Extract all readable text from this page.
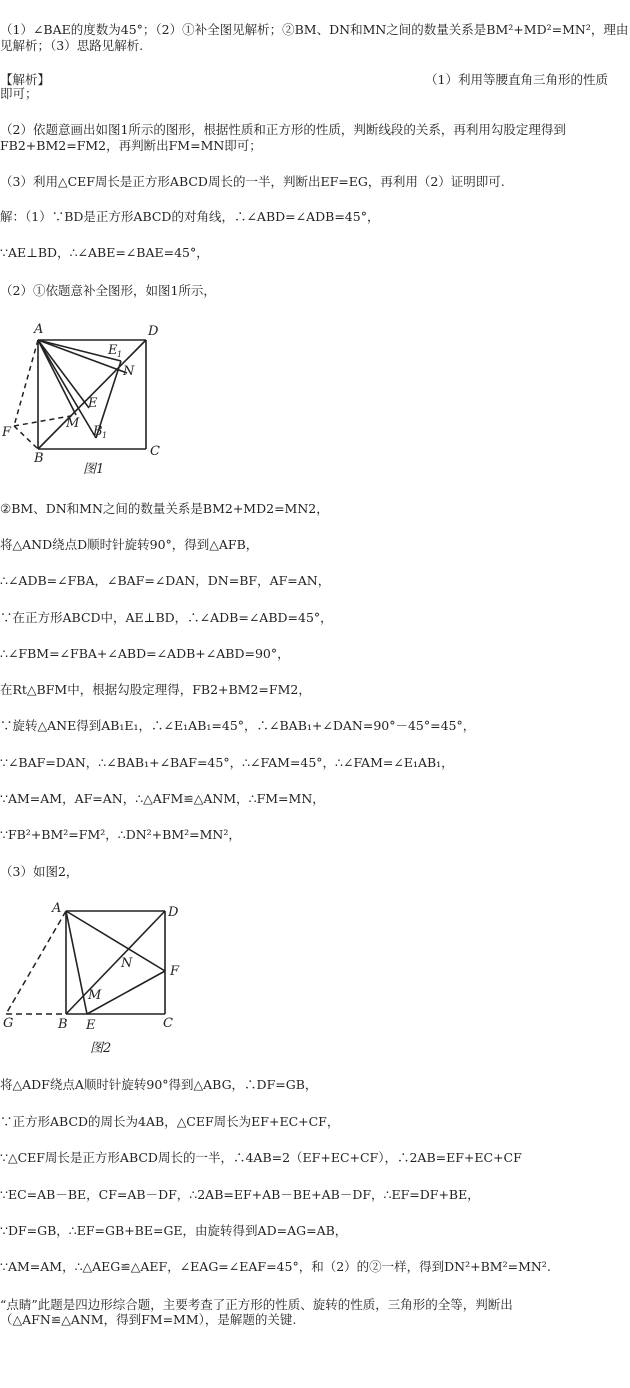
（1）∠BAE的度数为45°；（2）①补全图见解析；②BM、DN和MN之间的数量关系是BM²+MD²=MN²，理由
见解析；（3）思路见解析.
【解析】	（1）利用等腰直角三角形的性质
即可；
（2）依题意画出如图1所示的图形，根据性质和正方形的性质，判断线段的关系，再利用勾股定理得到
FB2+BM2=FM2，再判断出FM=MN即可；
（3）利用△CEF周长是正方形ABCD周长的一半，判断出EF=EG，再利用（2）证明即可.
解：（1）∵BD是正方形ABCD的对角线，∴∠ABD=∠ADB=45°，
∵AE⊥BD，∴∠ABE=∠BAE=45°，
（2）①依题意补全图形，如图1所示，
A	D
E 1
N
E
F
M
B 1
B	C
图1
②BM、DN和MN之间的数量关系是BM2+MD2=MN2，
将△AND绕点D顺时针旋转90°，得到△AFB，
∴∠ADB=∠FBA，∠BAF=∠DAN，DN=BF，AF=AN，
∵在正方形ABCD中，AE⊥BD，∴∠ADB=∠ABD=45°，
∴∠FBM=∠FBA+∠ABD=∠ADB+∠ABD=90°，
在Rt△BFM中，根据勾股定理得，FB2+BM2=FM2，
∵旋转△ANE得到AB₁E₁，∴∠E₁AB₁=45°，∴∠BAB₁+∠DAN=90°－45°=45°，
∵∠BAF=DAN，∴∠BAB₁+∠BAF=45°，∴∠FAM=45°，∴∠FAM=∠E₁AB₁，
∵AM=AM，AF=AN，∴△AFM≌△ANM，∴FM=MN，
∵FB²+BM²=FM²，∴DN²+BM²=MN²，
（3）如图2，
A	D
N
F
M
G	B E	C
图2
将△ADF绕点A顺时针旋转90°得到△ABG，∴DF=GB，
∵正方形ABCD的周长为4AB，△CEF周长为EF+EC+CF，
∵△CEF周长是正方形ABCD周长的一半，∴4AB=2（EF+EC+CF），∴2AB=EF+EC+CF
∵EC=AB－BE，CF=AB－DF，∴2AB=EF+AB－BE+AB－DF，∴EF=DF+BE，
∵DF=GB，∴EF=GB+BE=GE，由旋转得到AD=AG=AB，
∵AM=AM，∴△AEG≌△AEF，∠EAG=∠EAF=45°，和（2）的②一样，得到DN²+BM²=MN².
“点睛”此题是四边形综合题，主要考查了正方形的性质、旋转的性质，三角形的全等，判断出
（△AFN≌△ANM，得到FM=MM），是解题的关键.
